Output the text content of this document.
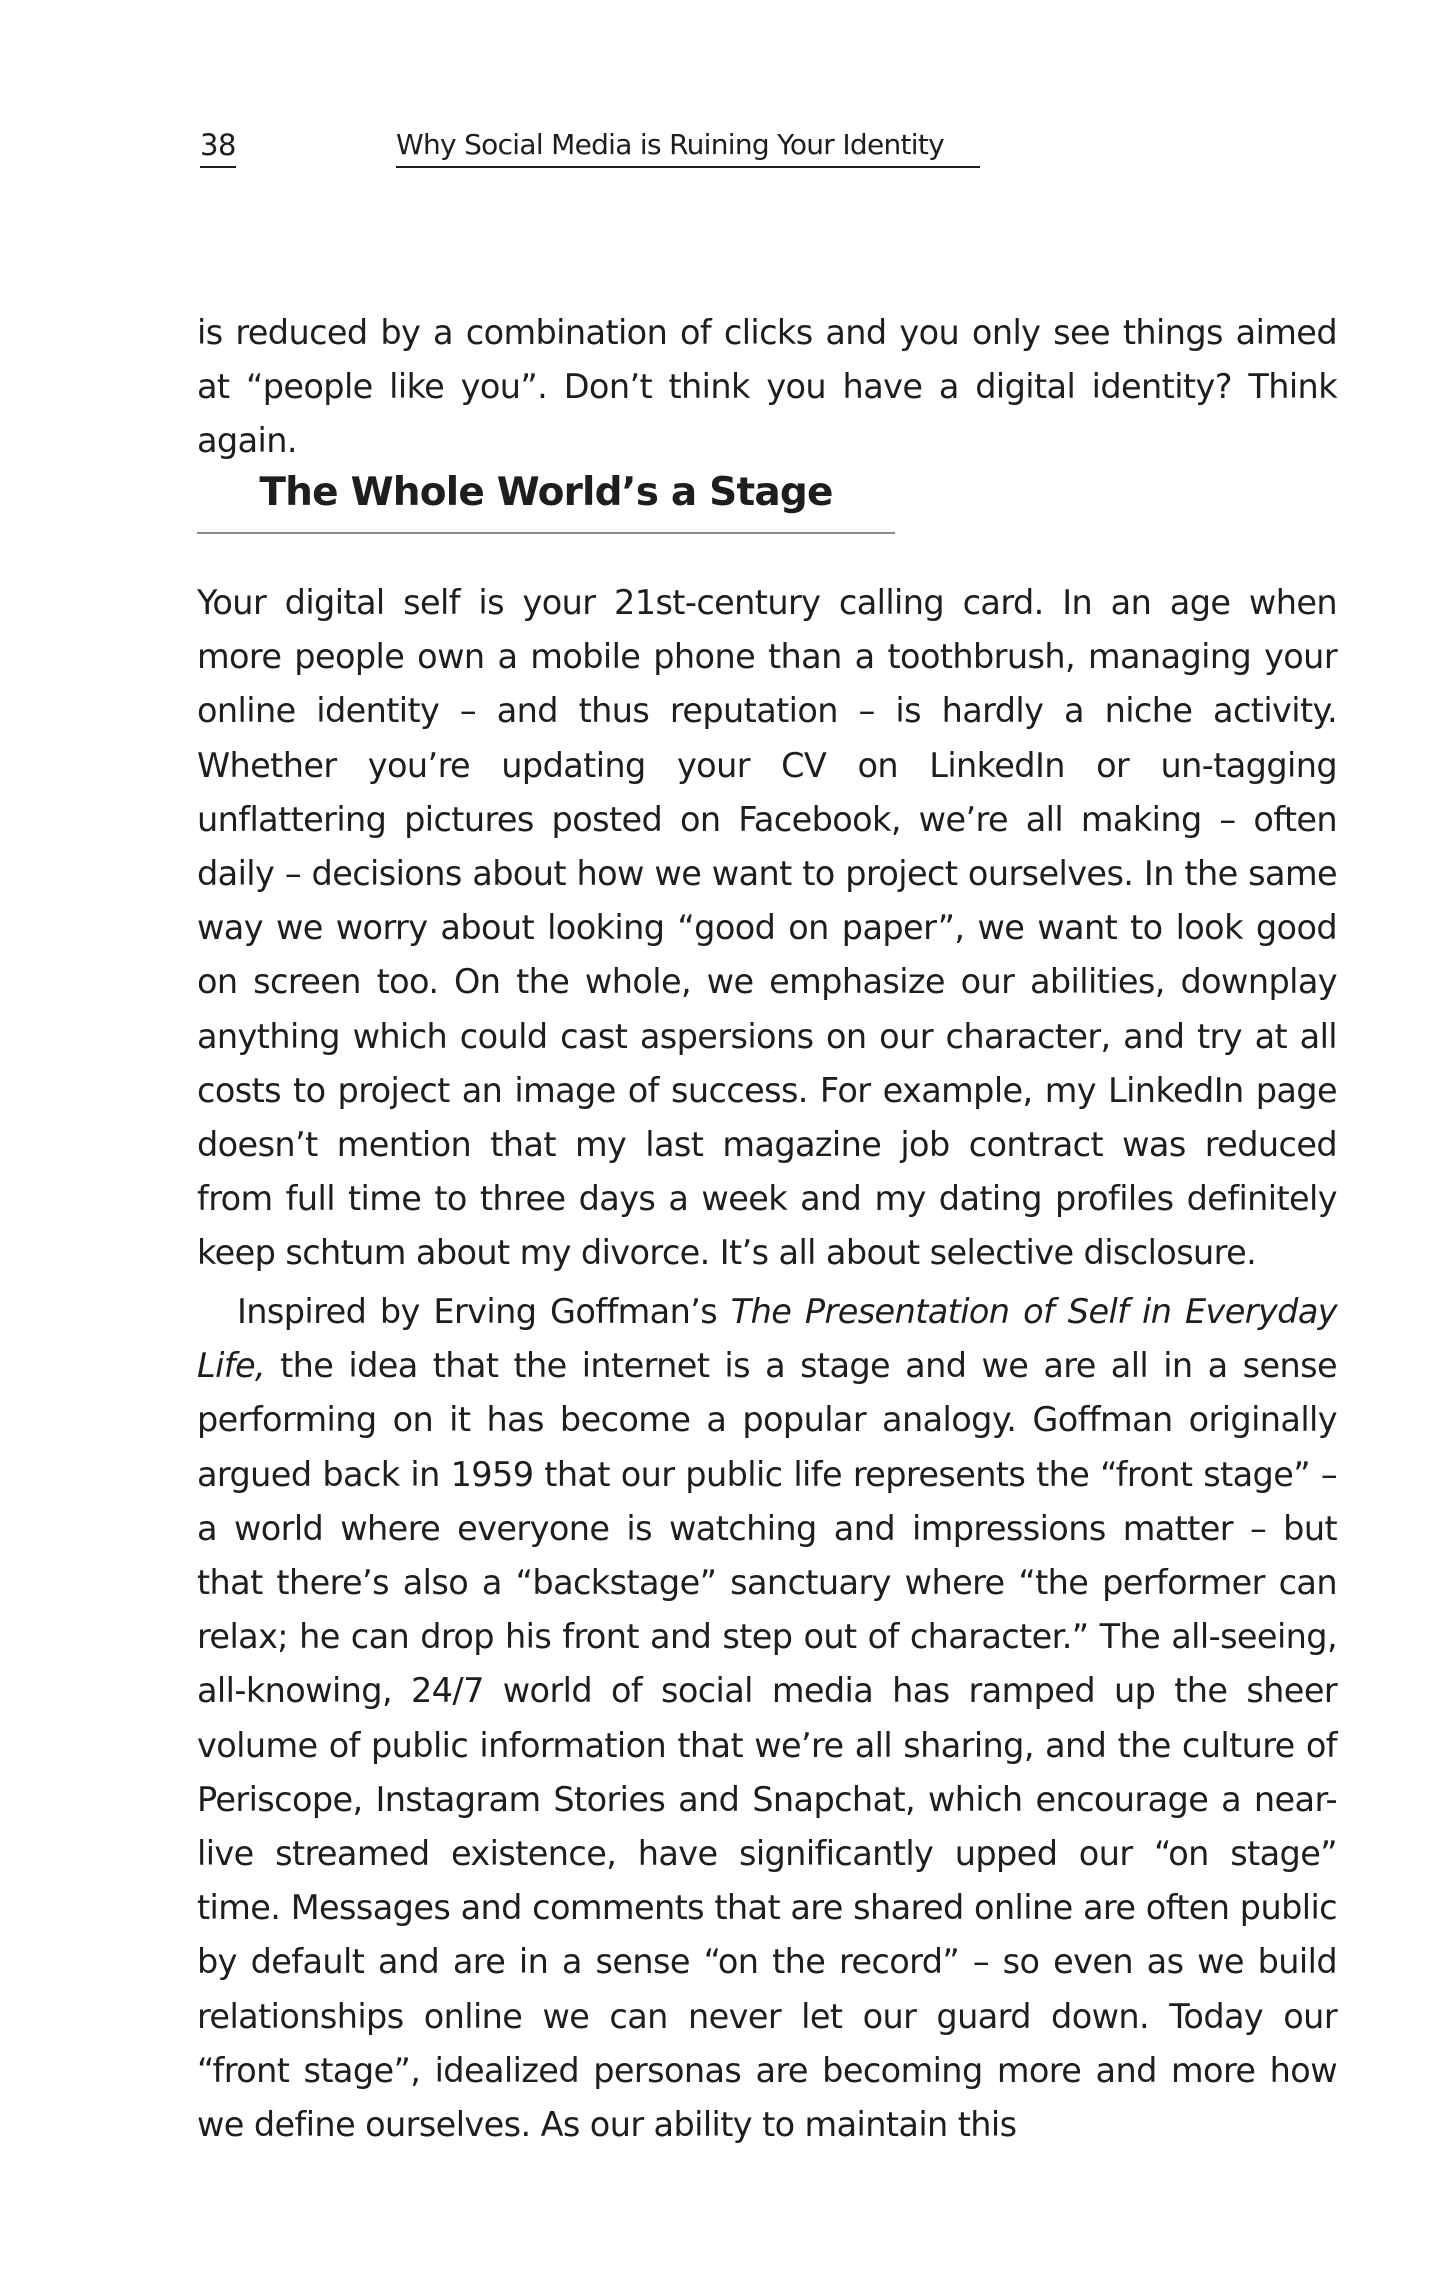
38	Why Social Media is Ruining Your Identity

is reduced by a combination of clicks and you only see things aimed at “people like you”. Don’t think you have a digital identity? Think again.

The Whole World’s a Stage

Your digital self is your 21st-century calling card. In an age when more people own a mobile phone than a toothbrush, managing your online identity – and thus reputation – is hardly a niche activity. Whether you’re updating your CV on LinkedIn or un-tagging unflattering pictures posted on Facebook, we’re all making – often daily – decisions about how we want to project ourselves. In the same way we worry about looking “good on paper”, we want to look good on screen too. On the whole, we emphasize our abilities, downplay anything which could cast aspersions on our character, and try at all costs to project an image of success. For example, my LinkedIn page doesn’t mention that my last magazine job contract was reduced from full time to three days a week and my dating profiles definitely keep schtum about my divorce. It’s all about selective disclosure.

Inspired by Erving Goffman’s The Presentation of Self in Everyday Life, the idea that the internet is a stage and we are all in a sense performing on it has become a popular analogy. Goffman originally argued back in 1959 that our public life represents the “front stage” – a world where everyone is watching and impressions matter – but that there’s also a “backstage” sanctuary where “the performer can relax; he can drop his front and step out of character.” The all-seeing, all-knowing, 24/7 world of social media has ramped up the sheer volume of public information that we’re all sharing, and the culture of Periscope, Instagram Stories and Snapchat, which encourage a near-live streamed existence, have significantly upped our “on stage” time. Messages and comments that are shared online are often public by default and are in a sense “on the record” – so even as we build relationships online we can never let our guard down. Today our “front stage”, idealized personas are becoming more and more how we define ourselves. As our ability to maintain this
